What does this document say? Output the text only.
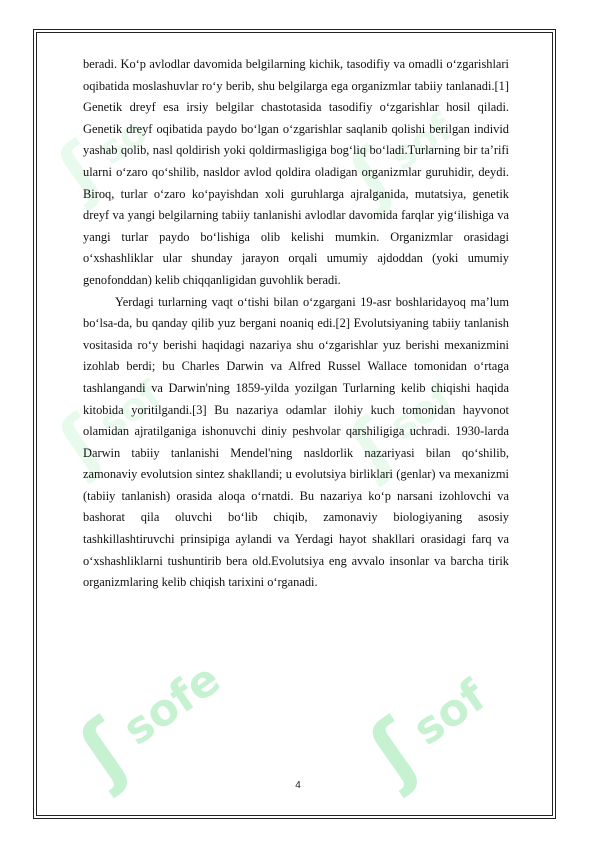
ʃ
so	ʃ
sof
ʃ
sof ʃ
sof
ʃ
sofe ʃ
sof

beradi. Ko‘p avlodlar davomida belgilarning kichik, tasodifiy va omadli o‘zgarishlari oqibatida moslashuvlar ro‘y berib, shu belgilarga ega organizmlar tabiiy tanlanadi.[1] Genetik dreyf esa irsiy belgilar chastotasida tasodifiy o‘zgarishlar hosil qiladi. Genetik dreyf oqibatida paydo bo‘lgan o‘zgarishlar saqlanib qolishi berilgan individ yashab qolib, nasl qoldirish yoki qoldirmasligiga bog‘liq bo‘ladi.Turlarning bir ta’rifi ularni o‘zaro qo‘shilib, nasldor avlod qoldira oladigan organizmlar guruhidir, deydi. Biroq, turlar o‘zaro ko‘payishdan xoli guruhlarga ajralganida, mutatsiya, genetik dreyf va yangi belgilarning tabiiy tanlanishi avlodlar davomida farqlar yig‘ilishiga va yangi turlar paydo bo‘lishiga olib kelishi mumkin. Organizmlar orasidagi o‘xshashliklar ular shunday jarayon orqali umumiy ajdoddan (yoki umumiy genofonddan) kelib chiqqanligidan guvohlik beradi.

Yerdagi turlarning vaqt o‘tishi bilan o‘zgargani 19-asr boshlaridayoq ma’lum bo‘lsa-da, bu qanday qilib yuz bergani noaniq edi.[2] Evolutsiyaning tabiiy tanlanish vositasida ro‘y berishi haqidagi nazariya shu o‘zgarishlar yuz berishi mexanizmini izohlab berdi; bu Charles Darwin va Alfred Russel Wallace tomonidan o‘rtaga tashlangandi va Darwin'ning 1859-yilda yozilgan Turlarning kelib chiqishi haqida kitobida yoritilgandi.[3] Bu nazariya odamlar ilohiy kuch tomonidan hayvonot olamidan ajratilganiga ishonuvchi diniy peshvolar qarshiligiga uchradi. 1930-larda Darwin tabiiy tanlanishi Mendel'ning nasldorlik nazariyasi bilan qo‘shilib, zamonaviy evolutsion sintez shakllandi; u evolutsiya birliklari (genlar) va mexanizmi (tabiiy tanlanish) orasida aloqa o‘rnatdi. Bu nazariya ko‘p narsani izohlovchi va bashorat qila oluvchi bo‘lib chiqib, zamonaviy biologiyaning asosiy tashkillashtiruvchi prinsipiga aylandi va Yerdagi hayot shakllari orasidagi farq va o‘xshashliklarni tushuntirib bera old.Evolutsiya eng avvalo insonlar va barcha tirik organizmlaring kelib chiqish tarixini o‘rganadi.

4
